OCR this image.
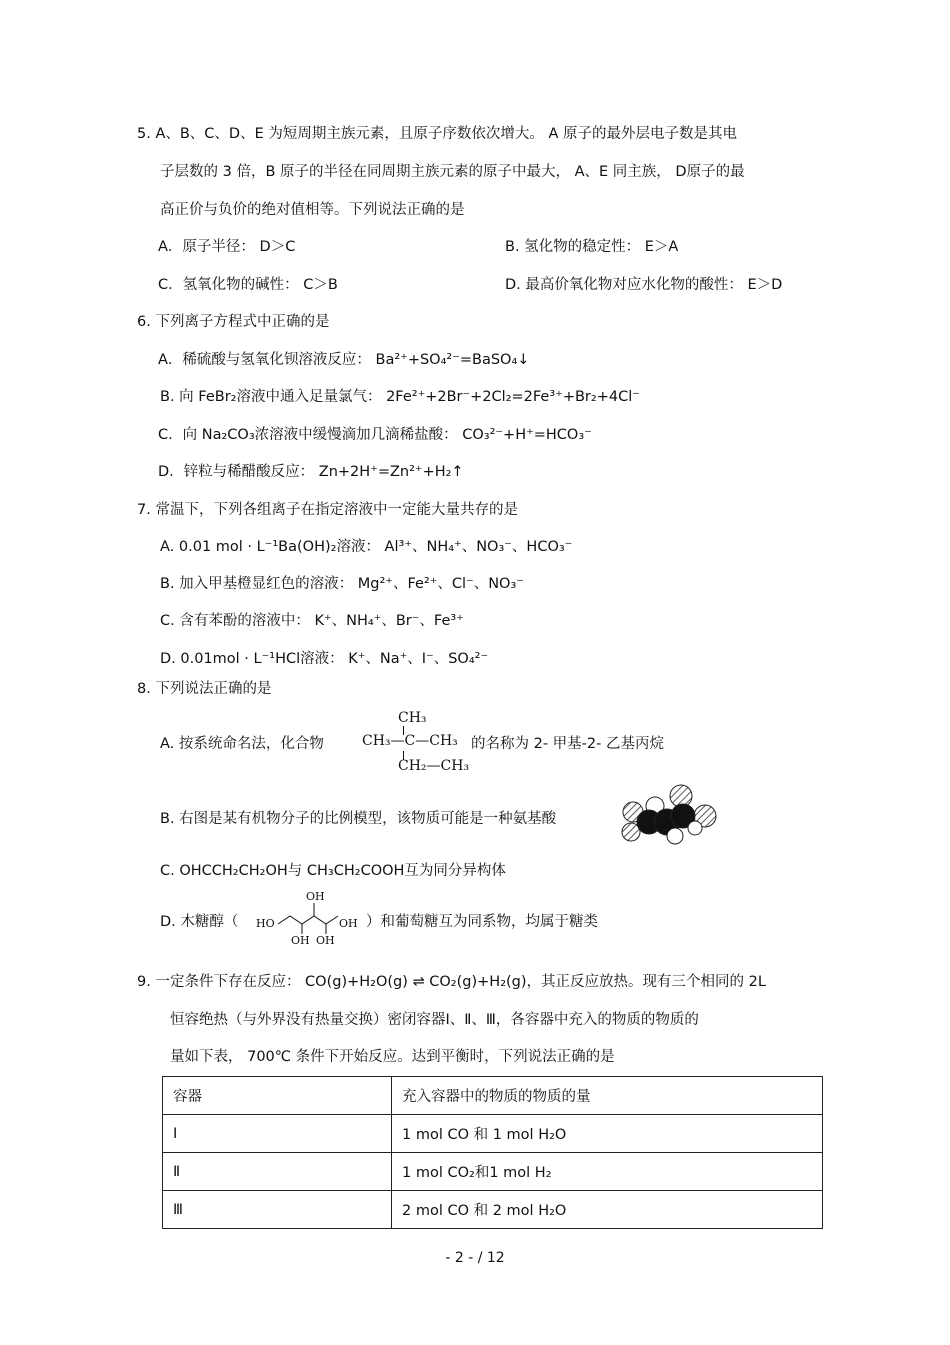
5. A、B、C、D、E 为短周期主族元素，且原子序数依次增大。 A 原子的最外层电子数是其电
子层数的 3 倍，B 原子的半径在同周期主族元素的原子中最大， A、E 同主族， D原子的最
高正价与负价的绝对值相等。下列说法正确的是
A．原子半径： D＞C	B. 氢化物的稳定性： E＞A
C．氢氧化物的碱性： C＞B	D. 最高价氧化物对应水化物的酸性： E＞D
6. 下列离子方程式中正确的是
A．稀硫酸与氢氧化钡溶液反应： Ba²⁺+SO₄²⁻=BaSO₄↓
B. 向 FeBr₂溶液中通入足量氯气： 2Fe²⁺+2Br⁻+2Cl₂=2Fe³⁺+Br₂+4Cl⁻
C．向 Na₂CO₃浓溶液中缓慢滴加几滴稀盐酸： CO₃²⁻+H⁺=HCO₃⁻
D．锌粒与稀醋酸反应： Zn+2H⁺=Zn²⁺+H₂↑
7. 常温下，下列各组离子在指定溶液中一定能大量共存的是
A. 0.01 mol · L⁻¹Ba(OH)₂溶液： Al³⁺、NH₄⁺、NO₃⁻、HCO₃⁻
B. 加入甲基橙显红色的溶液： Mg²⁺、Fe²⁺、Cl⁻、NO₃⁻
C. 含有苯酚的溶液中： K⁺、NH₄⁺、Br⁻、Fe³⁺
D. 0.01mol · L⁻¹HCl溶液： K⁺、Na⁺、I⁻、SO₄²⁻
8. 下列说法正确的是
A. 按系统命名法，化合物
CH₃
CH₃—C—CH₃
CH₂—CH₃
的名称为 2- 甲基-2- 乙基丙烷
B. 右图是某有机物分子的比例模型，该物质可能是一种氨基酸
C. OHCCH₂CH₂OH与 CH₃CH₂COOH互为同分异构体
D. 木糖醇（
OH
HO	OH
OH OH
）和葡萄糖互为同系物，均属于糖类
9. 一定条件下存在反应： CO(g)+H₂O(g) ⇌ CO₂(g)+H₂(g)，其正反应放热。现有三个相同的 2L
恒容绝热（与外界没有热量交换）密闭容器Ⅰ、Ⅱ、Ⅲ，各容器中充入的物质的物质的
量如下表， 700℃ 条件下开始反应。达到平衡时，下列说法正确的是
容器	充入容器中的物质的物质的量
Ⅰ	1 mol CO 和 1 mol H₂O
Ⅱ	1 mol CO₂和1 mol H₂
Ⅲ	2 mol CO 和 2 mol H₂O
- 2 - / 12
